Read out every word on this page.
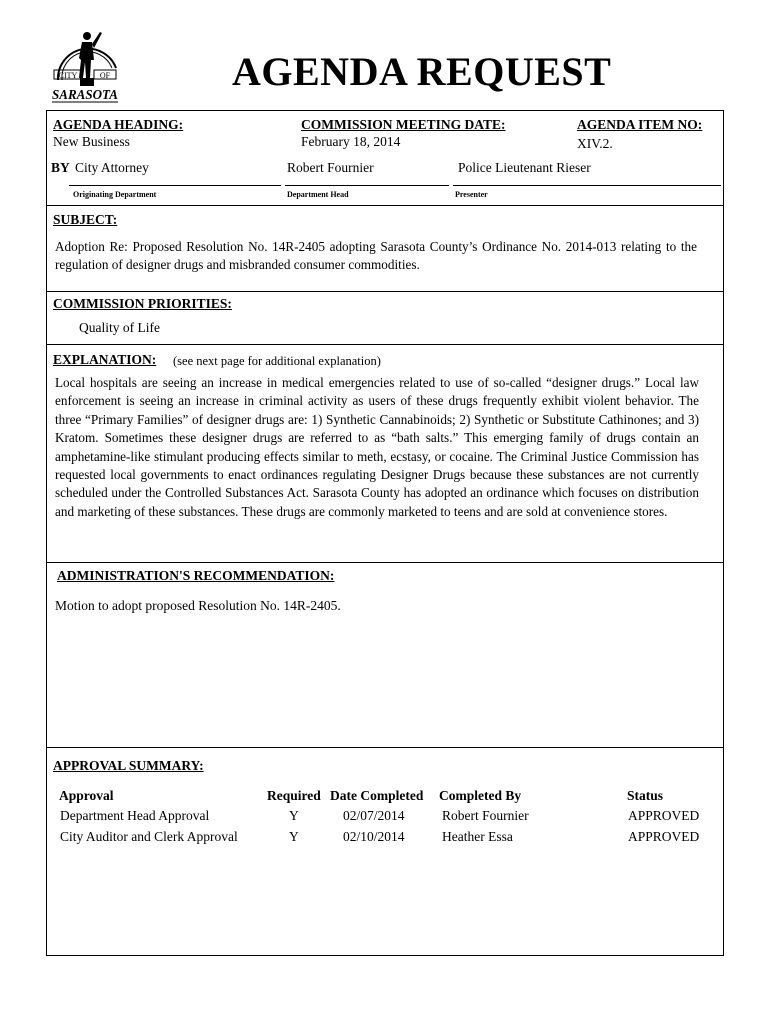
CITY	OF
SARASOTA
AGENDA REQUEST
AGENDA HEADING:
New Business
COMMISSION MEETING DATE:
February 18, 2014
AGENDA ITEM NO:
XIV.2.
BY City Attorney	Robert Fournier	Police Lieutenant Rieser
Originating Department	Department Head	Presenter
SUBJECT:
Adoption Re: Proposed Resolution No. 14R-2405 adopting Sarasota County’s Ordinance No. 2014-013 relating to the regulation of designer drugs and misbranded consumer commodities.
COMMISSION PRIORITIES:
Quality of Life
EXPLANATION: (see next page for additional explanation)
Local hospitals are seeing an increase in medical emergencies related to use of so-called “designer drugs.” Local law enforcement is seeing an increase in criminal activity as users of these drugs frequently exhibit violent behavior. The three “Primary Families” of designer drugs are: 1) Synthetic Cannabinoids; 2) Synthetic or Substitute Cathinones; and 3) Kratom. Sometimes these designer drugs are referred to as “bath salts.” This emerging family of drugs contain an amphetamine-like stimulant producing effects similar to meth, ecstasy, or cocaine. The Criminal Justice Commission has requested local governments to enact ordinances regulating Designer Drugs because these substances are not currently scheduled under the Controlled Substances Act. Sarasota County has adopted an ordinance which focuses on distribution and marketing of these substances. These drugs are commonly marketed to teens and are sold at convenience stores.
ADMINISTRATION'S RECOMMENDATION:
Motion to adopt proposed Resolution No. 14R-2405.
APPROVAL SUMMARY:
Approval	Required	Date Completed	Completed By	Status
Department Head Approval	Y	02/07/2014	Robert Fournier	APPROVED
City Auditor and Clerk Approval	Y	02/10/2014	Heather Essa	APPROVED
